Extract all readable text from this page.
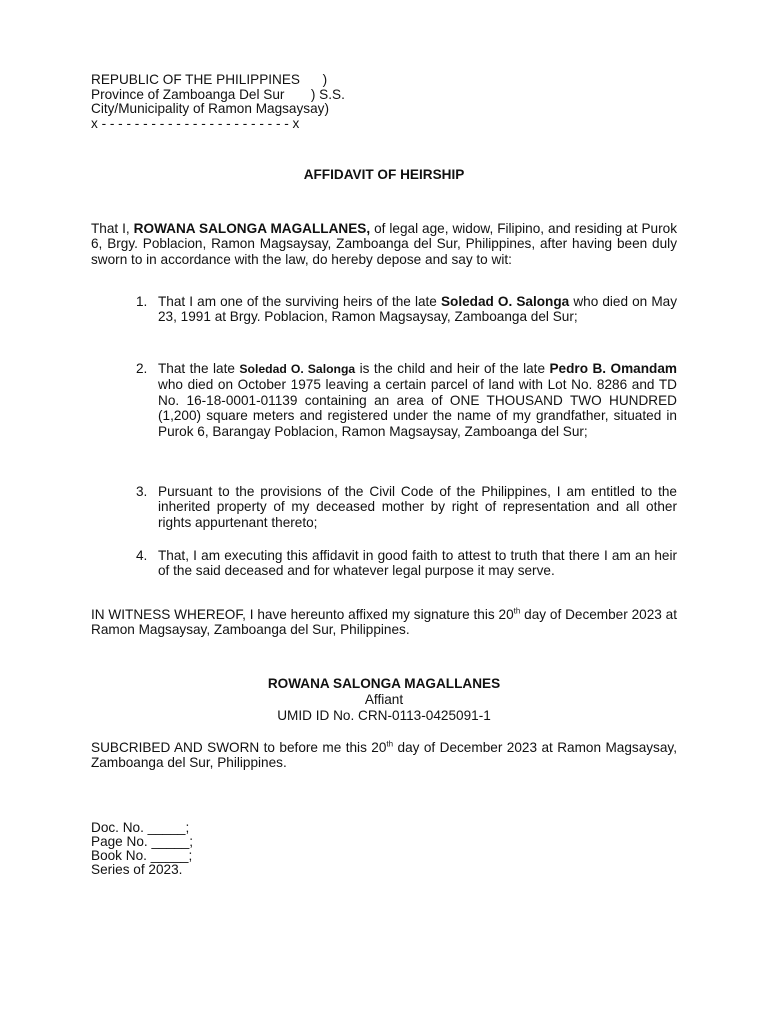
REPUBLIC OF THE PHILIPPINES      )
Province of Zamboanga Del Sur       ) S.S.
City/Municipality of Ramon Magsaysay)
x - - - - - - - - - - - - - - - - - - - - - - - x
AFFIDAVIT OF HEIRSHIP
That I, ROWANA SALONGA MAGALLANES, of legal age, widow, Filipino, and residing at Purok 6, Brgy. Poblacion, Ramon Magsaysay, Zamboanga del Sur, Philippines, after having been duly sworn to in accordance with the law, do hereby depose and say to wit:
1. That I am one of the surviving heirs of the late Soledad O. Salonga who died on May 23, 1991 at Brgy. Poblacion, Ramon Magsaysay, Zamboanga del Sur;
2. That the late Soledad O. Salonga is the child and heir of the late Pedro B. Omandam who died on October 1975 leaving a certain parcel of land with Lot No. 8286 and TD No. 16-18-0001-01139 containing an area of ONE THOUSAND TWO HUNDRED (1,200) square meters and registered under the name of my grandfather, situated in Purok 6, Barangay Poblacion, Ramon Magsaysay, Zamboanga del Sur;
3. Pursuant to the provisions of the Civil Code of the Philippines, I am entitled to the inherited property of my deceased mother by right of representation and all other rights appurtenant thereto;
4. That, I am executing this affidavit in good faith to attest to truth that there I am an heir of the said deceased and for whatever legal purpose it may serve.
IN WITNESS WHEREOF, I have hereunto affixed my signature this 20th day of December 2023 at Ramon Magsaysay, Zamboanga del Sur, Philippines.
ROWANA SALONGA MAGALLANES
Affiant
UMID ID No. CRN-0113-0425091-1
SUBCRIBED AND SWORN to before me this 20th day of December 2023 at Ramon Magsaysay, Zamboanga del Sur, Philippines.
Doc. No. _____;
Page No. _____;
Book No. _____;
Series of 2023.
